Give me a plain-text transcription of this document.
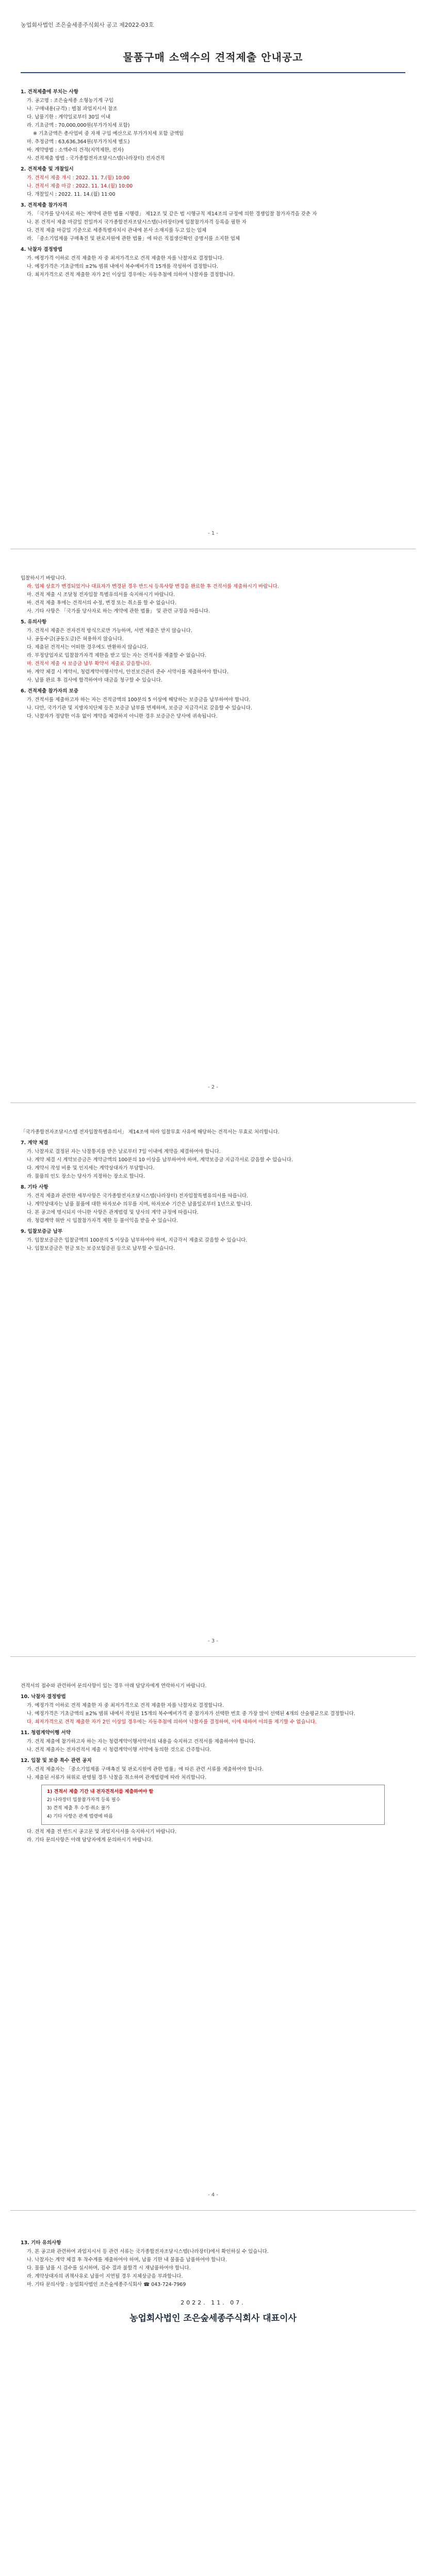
농업회사법인 조은숲세종주식회사 공고 제2022-03호
물품구매 소액수의 견적제출 안내공고
1. 견적제출에 부치는 사항

가. 공고명 : 조은숲세종 소형농기계 구입

나. 구매내용(규격) : 별첨 과업지시서 참조

다. 납품기한 : 계약일로부터 30일 이내

라. 기초금액 : 70,000,000원(부가가치세 포함)

※ 기초금액은 총사업비 중 자재 구입 예산으로 부가가치세 포함 금액임

마. 추정금액 : 63,636,364원(부가가치세 별도)

바. 계약방법 : 소액수의 견적(지역제한, 전자)

사. 견적제출 방법 : 국가종합전자조달시스템(나라장터) 전자견적

2. 견적제출 및 개찰일시

가. 견적서 제출 개시 : 2022. 11. 7.(월) 10:00

나. 견적서 제출 마감 : 2022. 11. 14.(월) 10:00

다. 개찰일시 : 2022. 11. 14.(월) 11:00

3. 견적제출 참가자격

가. 「국가를 당사자로 하는 계약에 관한 법률 시행령」 제12조 및 같은 법 시행규칙 제14조의 규정에 의한 경쟁입찰 참가자격을 갖춘 자

나. 본 견적서 제출 마감일 전일까지 국가종합전자조달시스템(나라장터)에 입찰참가자격 등록을 필한 자

다. 견적 제출 마감일 기준으로 세종특별자치시 관내에 본사 소재지를 두고 있는 업체

라. 「중소기업제품 구매촉진 및 판로지원에 관한 법률」에 따른 직접생산확인 증명서를 소지한 업체

4. 낙찰자 결정방법

가. 예정가격 이하로 견적 제출한 자 중 최저가격으로 견적 제출한 자를 낙찰자로 결정합니다.

나. 예정가격은 기초금액의 ±2% 범위 내에서 복수예비가격 15개를 작성하여 결정합니다.

다. 최저가격으로 견적 제출한 자가 2인 이상일 경우에는 자동추첨에 의하여 낙찰자를 결정합니다.

- 1 -

입찰하시기 바랍니다.

라. 업체 상호가 변경되었거나 대표자가 변경된 경우 반드시 등록사항 변경을 완료한 후 견적서를 제출하시기 바랍니다.

마. 견적 제출 시 조달청 전자입찰 특별유의서를 숙지하시기 바랍니다.

바. 견적 제출 후에는 견적서의 수정, 변경 또는 취소를 할 수 없습니다.

사. 기타 사항은 「국가를 당사자로 하는 계약에 관한 법률」 및 관련 규정을 따릅니다.

5. 유의사항

가. 견적서 제출은 전자견적 방식으로만 가능하며, 서면 제출은 받지 않습니다.

나. 공동수급(공동도급)은 허용하지 않습니다.

다. 제출된 견적서는 어떠한 경우에도 반환하지 않습니다.

라. 부정당업자로 입찰참가자격 제한을 받고 있는 자는 견적서를 제출할 수 없습니다.

마. 견적서 제출 시 보증금 납부 확약서 제출로 갈음합니다.

바. 계약 체결 시 계약서, 청렴계약이행서약서, 안전보건관리 준수 서약서를 제출하여야 합니다.

사. 납품 완료 후 검사에 합격하여야 대금을 청구할 수 있습니다.

6. 견적제출 참가자의 보증

가. 견적서를 제출하고자 하는 자는 견적금액의 100분의 5 이상에 해당하는 보증금을 납부하여야 합니다.

나. 다만, 국가기관 및 지방자치단체 등은 보증금 납부를 면제하며, 보증금 지급각서로 갈음할 수 있습니다.

다. 낙찰자가 정당한 이유 없이 계약을 체결하지 아니한 경우 보증금은 당사에 귀속됩니다.

- 2 -

「국가종합전자조달시스템 전자입찰특별유의서」 제14조에 따라 입찰무효 사유에 해당하는 견적서는 무효로 처리합니다.

7. 계약 체결

가. 낙찰자로 결정된 자는 낙찰통지를 받은 날로부터 7일 이내에 계약을 체결하여야 합니다.

나. 계약 체결 시 계약보증금은 계약금액의 100분의 10 이상을 납부하여야 하며, 계약보증금 지급각서로 갈음할 수 있습니다.

다. 계약서 작성 비용 및 인지세는 계약상대자가 부담합니다.

라. 물품의 인도 장소는 당사가 지정하는 장소로 합니다.

8. 기타 사항

가. 견적 제출과 관련한 세부사항은 국가종합전자조달시스템(나라장터) 전자입찰특별유의서를 따릅니다.

나. 계약상대자는 납품 물품에 대한 하자보수 의무를 지며, 하자보수 기간은 납품일로부터 1년으로 합니다.

다. 본 공고에 명시되지 아니한 사항은 관계법령 및 당사의 계약 규정에 따릅니다.

라. 청렴계약 위반 시 입찰참가자격 제한 등 불이익을 받을 수 있습니다.

9. 입찰보증금 납부

가. 입찰보증금은 입찰금액의 100분의 5 이상을 납부하여야 하며, 지급각서 제출로 갈음할 수 있습니다.

나. 입찰보증금은 현금 또는 보증보험증권 등으로 납부할 수 있습니다.

- 3 -

견적서의 접수와 관련하여 문의사항이 있는 경우 아래 담당자에게 연락하시기 바랍니다.

10. 낙찰자 결정방법

가. 예정가격 이하로 견적 제출한 자 중 최저가격으로 견적 제출한 자를 낙찰자로 결정합니다.

나. 예정가격은 기초금액의 ±2% 범위 내에서 작성된 15개의 복수예비가격 중 참가자가 선택한 번호 중 가장 많이 선택된 4개의 산술평균으로 결정합니다.

다. 최저가격으로 견적 제출한 자가 2인 이상일 경우에는 자동추첨에 의하여 낙찰자를 결정하며, 이에 대하여 이의를 제기할 수 없습니다.

11. 청렴계약이행 서약

가. 견적 제출에 참가하고자 하는 자는 청렴계약이행서약서의 내용을 숙지하고 견적서를 제출하여야 합니다.

나. 견적 제출자는 전자견적서 제출 시 청렴계약이행 서약에 동의한 것으로 간주합니다.

12. 입찰 및 보증 특수 관련 공지

가. 견적 제출자는 「중소기업제품 구매촉진 및 판로지원에 관한 법률」에 따른 관련 서류를 제출하여야 합니다.

나. 제출된 서류가 허위로 판명될 경우 낙찰을 취소하며 관계법령에 따라 처리합니다.

1) 견적서 제출 기간 내 전자견적서를 제출하여야 함

2) 나라장터 입찰참가자격 등록 필수

3) 견적 제출 후 수정·취소 불가

4) 기타 사항은 관계 법령에 따름

다. 견적 제출 전 반드시 공고문 및 과업지시서를 숙지하시기 바랍니다.

라. 기타 문의사항은 아래 담당자에게 문의하시기 바랍니다.

- 4 -
13. 기타 유의사항

가. 본 공고와 관련하여 과업지시서 등 관련 서류는 국가종합전자조달시스템(나라장터)에서 확인하실 수 있습니다.

나. 낙찰자는 계약 체결 후 착수계를 제출하여야 하며, 납품 기한 내 물품을 납품하여야 합니다.

다. 물품 납품 시 검수를 실시하며, 검수 결과 불합격 시 재납품하여야 합니다.

라. 계약상대자의 귀책사유로 납품이 지연될 경우 지체상금을 부과합니다.

마. 기타 문의사항 : 농업회사법인 조은숲세종주식회사 ☎ 043-724-7969

2022. 11. 07.
농업회사법인 조은숲세종주식회사 대표이사
